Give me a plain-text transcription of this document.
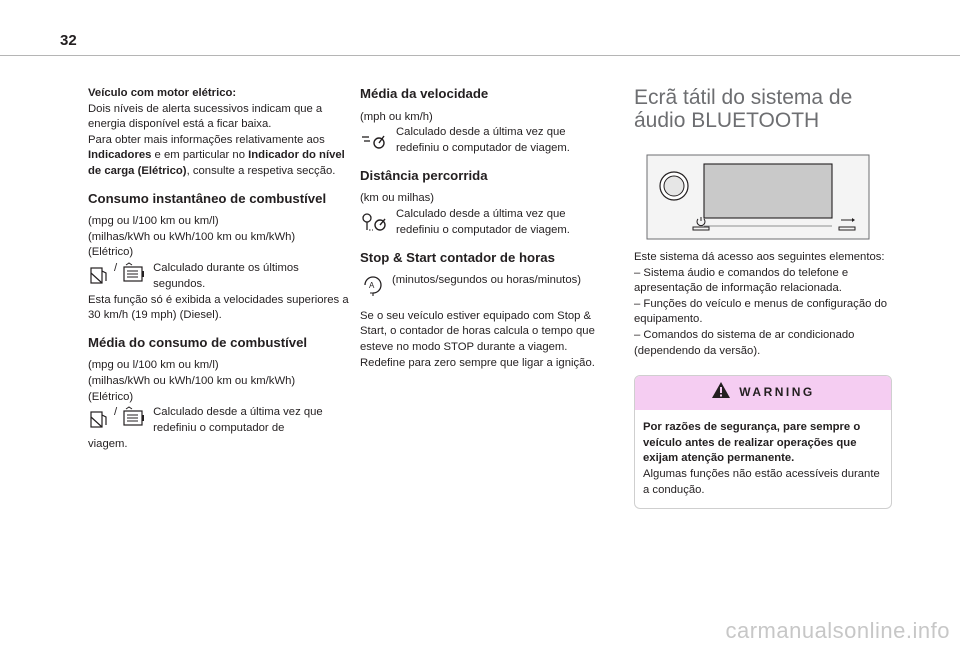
32

Veículo com motor elétrico:

Dois níveis de alerta sucessivos indicam que a energia disponível está a ficar baixa.

Para obter mais informações relativamente aos Indicadores e em particular no Indicador do nível de carga (Elétrico), consulte a respetiva secção.

Consumo instantâneo de combustível

(mpg ou l/100 km ou km/l)

(milhas/kWh ou kWh/100 km ou km/kWh)

(Elétrico)

/	Calculado durante os últimos segundos.

Esta função só é exibida a velocidades superiores a 30 km/h (19 mph) (Diesel).

Média do consumo de combustível

(mpg ou l/100 km ou km/l)

(milhas/kWh ou kWh/100 km ou km/kWh)

(Elétrico)

/	Calculado desde a última vez que redefiniu o computador de

viagem.

Média da velocidade

(mph ou km/h)

Calculado desde a última vez que redefiniu o computador de viagem.
Distância percorrida

(km ou milhas)

Calculado desde a última vez que redefiniu o computador de viagem.
Stop & Start contador de horas
A (minutos/segundos ou horas/minutos)

Se o seu veículo estiver equipado com Stop & Start, o contador de horas calcula o tempo que esteve no modo STOP durante a viagem. Redefine para zero sempre que ligar a ignição.

Ecrã tátil do sistema de áudio BLUETOOTH

Este sistema dá acesso aos seguintes elementos:

– Sistema áudio e comandos do telefone e apresentação de informação relacionada.

– Funções do veículo e menus de configuração do equipamento.

– Comandos do sistema de ar condicionado (dependendo da versão).

WARNING

Por razões de segurança, pare sempre o veículo antes de realizar operações que exijam atenção permanente.

Algumas funções não estão acessíveis durante a condução.

carmanualsonline.info
